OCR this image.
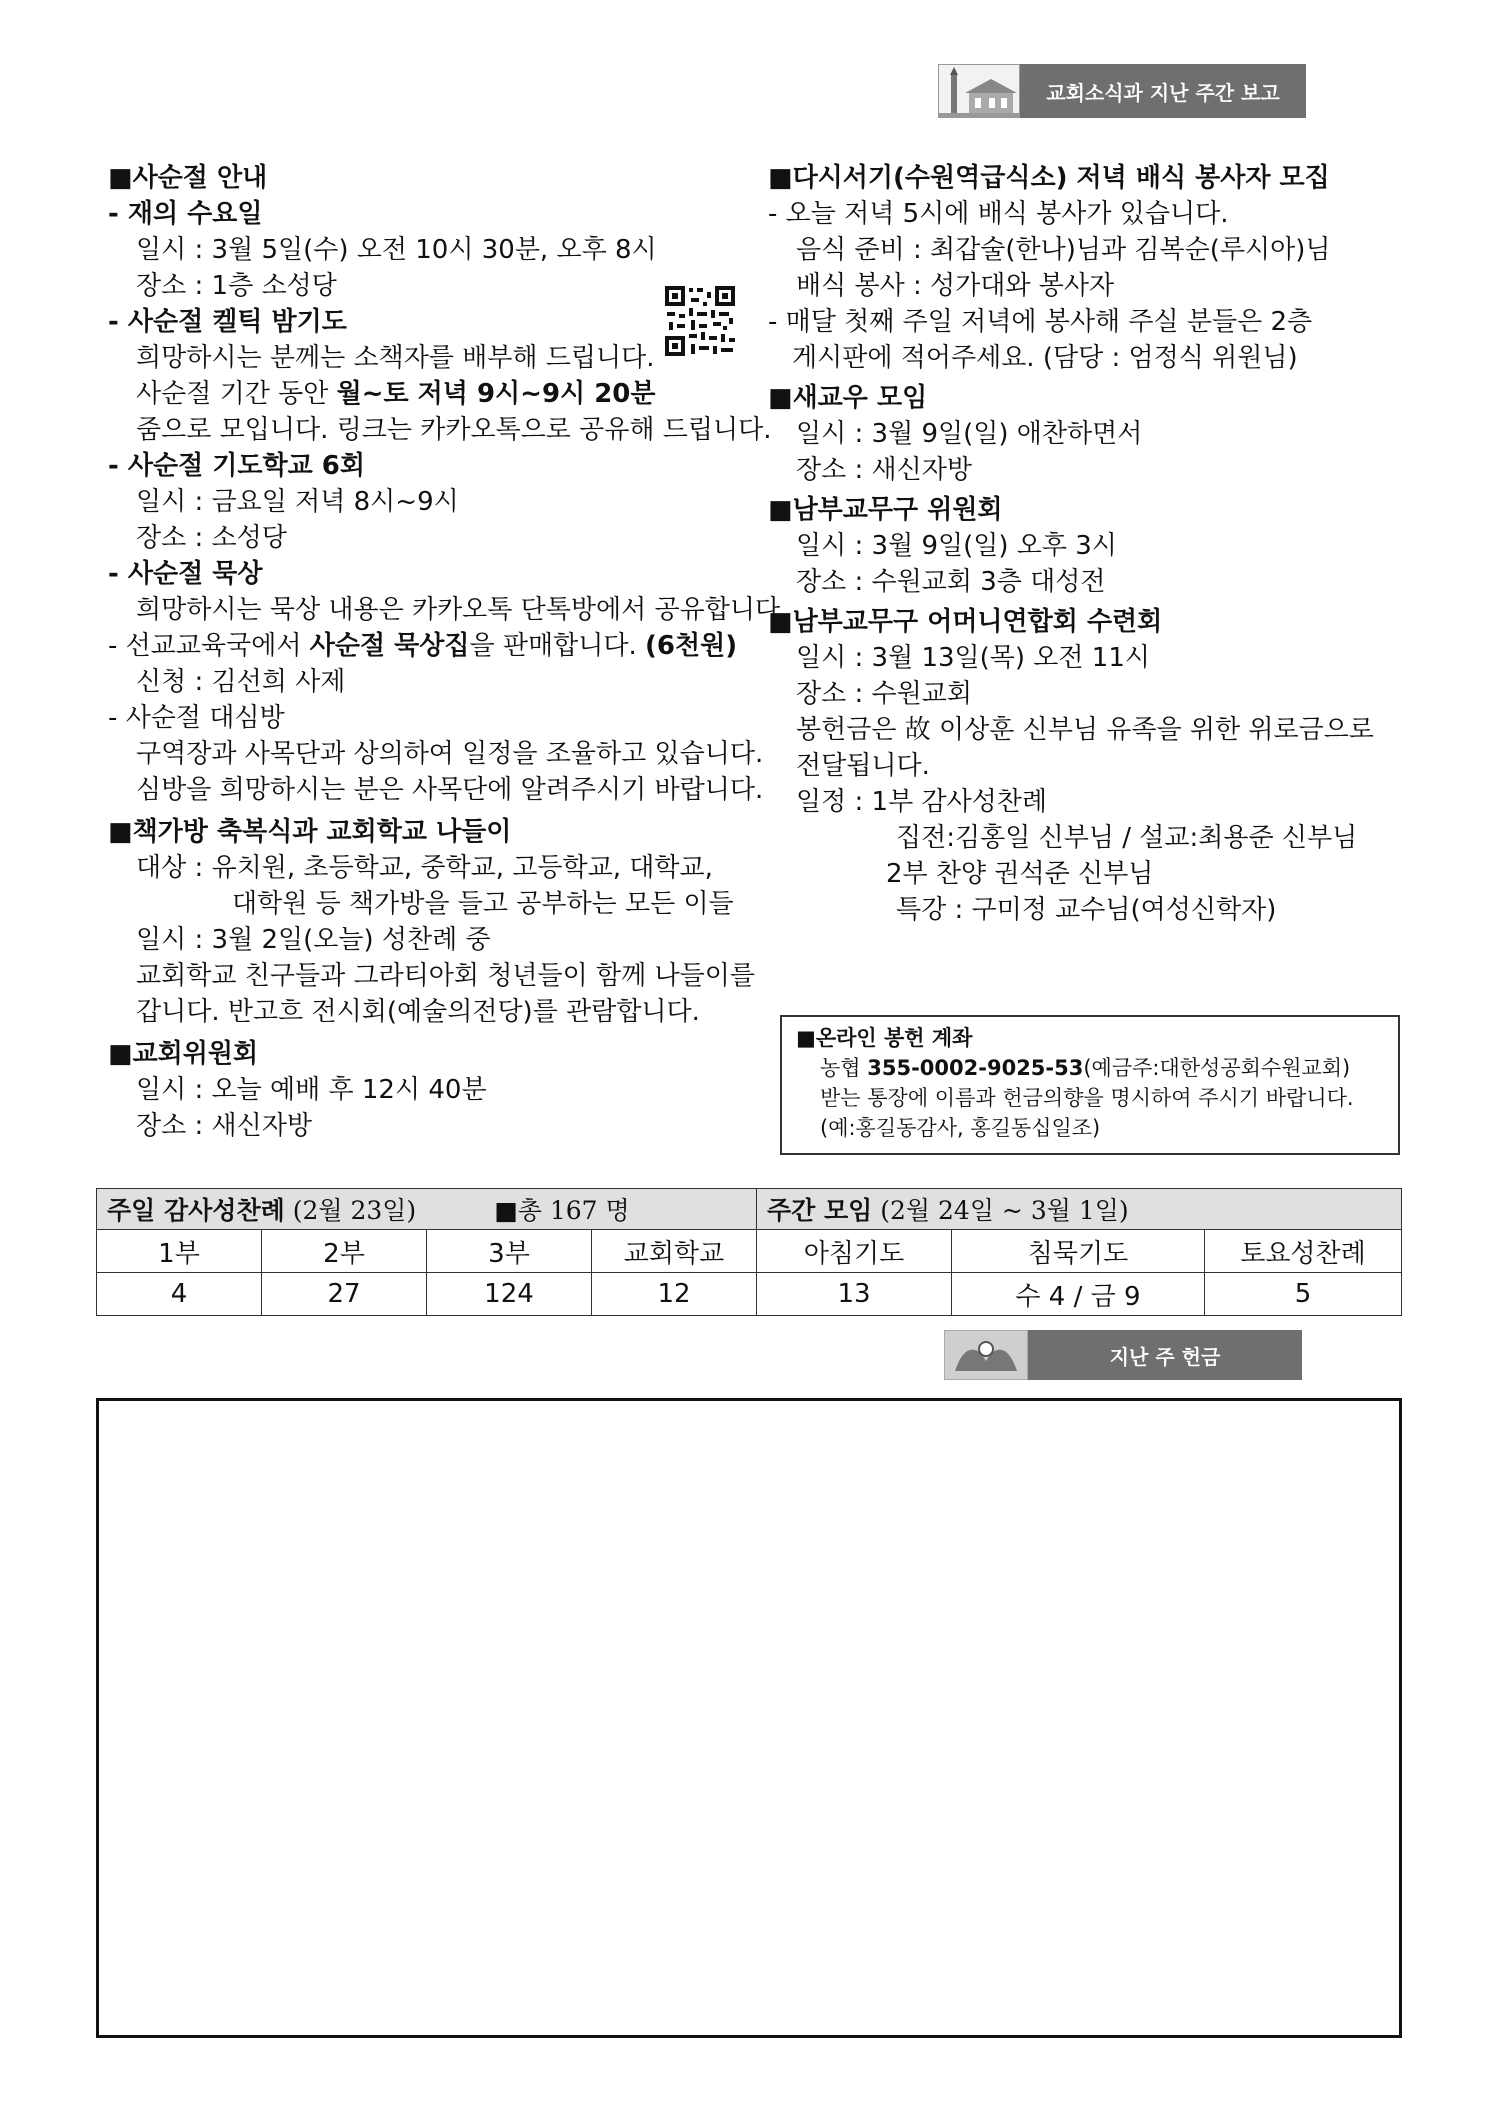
교회소식과 지난 주간 보고
■사순절 안내
- 재의 수요일
일시 : 3월 5일(수) 오전 10시 30분, 오후 8시
장소 : 1층 소성당
- 사순절 켈틱 밤기도
희망하시는 분께는 소책자를 배부해 드립니다.
사순절 기간 동안 월~토 저녁 9시~9시 20분
줌으로 모입니다. 링크는 카카오톡으로 공유해 드립니다.
- 사순절 기도학교 6회
일시 : 금요일 저녁 8시~9시
장소 : 소성당
- 사순절 묵상
희망하시는 묵상 내용은 카카오톡 단톡방에서 공유합니다.
- 선교교육국에서 사순절 묵상집을 판매합니다. (6천원)
신청 : 김선희 사제
- 사순절 대심방
구역장과 사목단과 상의하여 일정을 조율하고 있습니다.
심방을 희망하시는 분은 사목단에 알려주시기 바랍니다.
■책가방 축복식과 교회학교 나들이
대상 : 유치원, 초등학교, 중학교, 고등학교, 대학교,
대학원 등 책가방을 들고 공부하는 모든 이들
일시 : 3월 2일(오늘) 성찬례 중
교회학교 친구들과 그라티아회 청년들이 함께 나들이를
갑니다. 반고흐 전시회(예술의전당)를 관람합니다.
■교회위원회
일시 : 오늘 예배 후 12시 40분
장소 : 새신자방
■다시서기(수원역급식소) 저녁 배식 봉사자 모집
- 오늘 저녁 5시에 배식 봉사가 있습니다.
음식 준비 : 최갑술(한나)님과 김복순(루시아)님
배식 봉사 : 성가대와 봉사자
- 매달 첫째 주일 저녁에 봉사해 주실 분들은 2층
게시판에 적어주세요. (담당 : 엄정식 위원님)
■새교우 모임
일시 : 3월 9일(일) 애찬하면서
장소 : 새신자방
■남부교무구 위원회
일시 : 3월 9일(일) 오후 3시
장소 : 수원교회 3층 대성전
■남부교무구 어머니연합회 수련회
일시 : 3월 13일(목) 오전 11시
장소 : 수원교회
봉헌금은 故 이상훈 신부님 유족을 위한 위로금으로
전달됩니다.
일정 : 1부 감사성찬례
집전:김홍일 신부님 / 설교:최용준 신부님
2부 찬양 권석준 신부님
특강 : 구미정 교수님(여성신학자)
■온라인 봉헌 계좌
농협 355-0002-9025-53(예금주:대한성공회수원교회)
받는 통장에 이름과 헌금의향을 명시하여 주시기 바랍니다.
(예:홍길동감사, 홍길동십일조)
주일 감사성찬례 (2월 23일) ■총 167 명				주간 모임 (2월 24일 ~ 3월 1일)		
1부	2부	3부	교회학교	아침기도	침묵기도	토요성찬례
4	27	124	12	13	수 4 / 금 9	5
지난 주 헌금
